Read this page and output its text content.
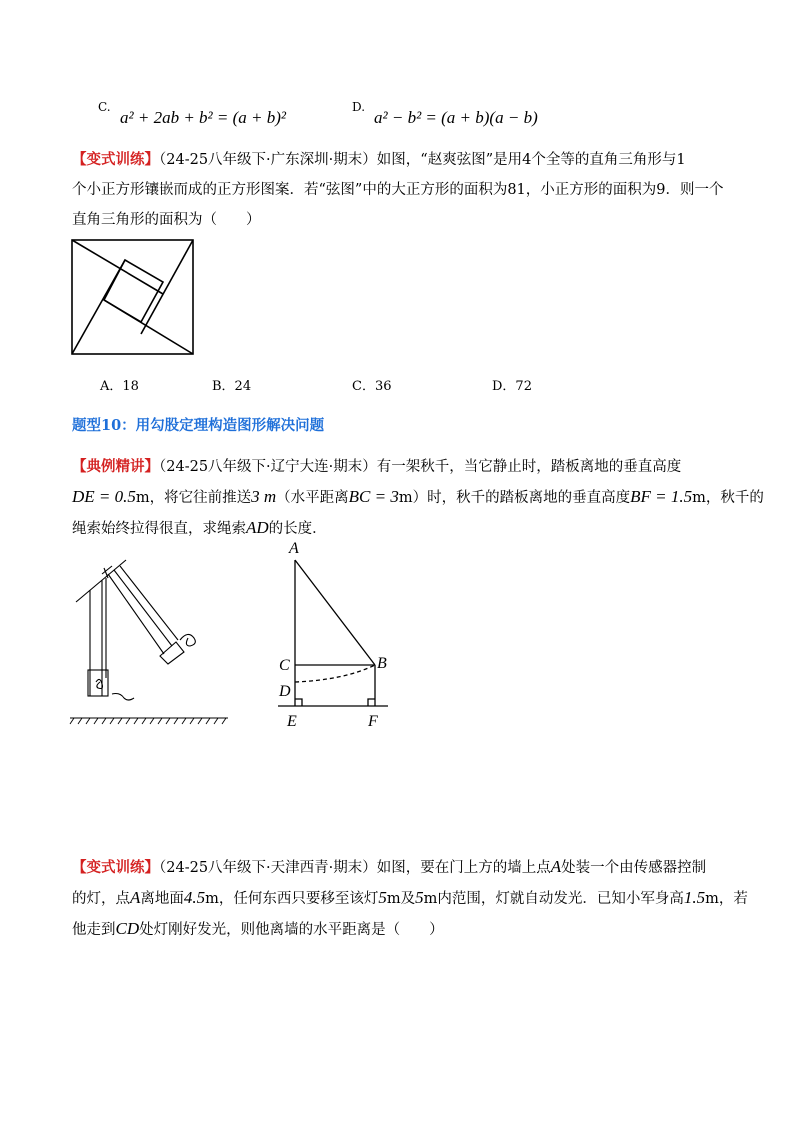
C.
a² + 2ab + b² = (a + b)²
D.
a² − b² = (a + b)(a − b)
【变式训练】（24-25八年级下·广东深圳·期末）如图，“赵爽弦图”是用4个全等的直角三角形与1
个小正方形镶嵌而成的正方形图案．若“弦图”中的大正方形的面积为81，小正方形的面积为9．则一个
直角三角形的面积为（　　）
A．18	B．24	C．36	D．72
题型10：用勾股定理构造图形解决问题
【典例精讲】（24-25八年级下·辽宁大连·期末）有一架秋千，当它静止时，踏板离地的垂直高度
DE = 0.5m，将它往前推送3 m（水平距离BC = 3m）时，秋千的踏板离地的垂直高度BF = 1.5m，秋千的
绳索始终拉得很直，求绳索AD的长度．
A
B
C
D
E	F
【变式训练】（24-25八年级下·天津西青·期末）如图，要在门上方的墙上点A处装一个由传感器控制
的灯，点A离地面4.5m，任何东西只要移至该灯5m及5m内范围，灯就自动发光．已知小军身高1.5m，若
他走到CD处灯刚好发光，则他离墙的水平距离是（　　）
